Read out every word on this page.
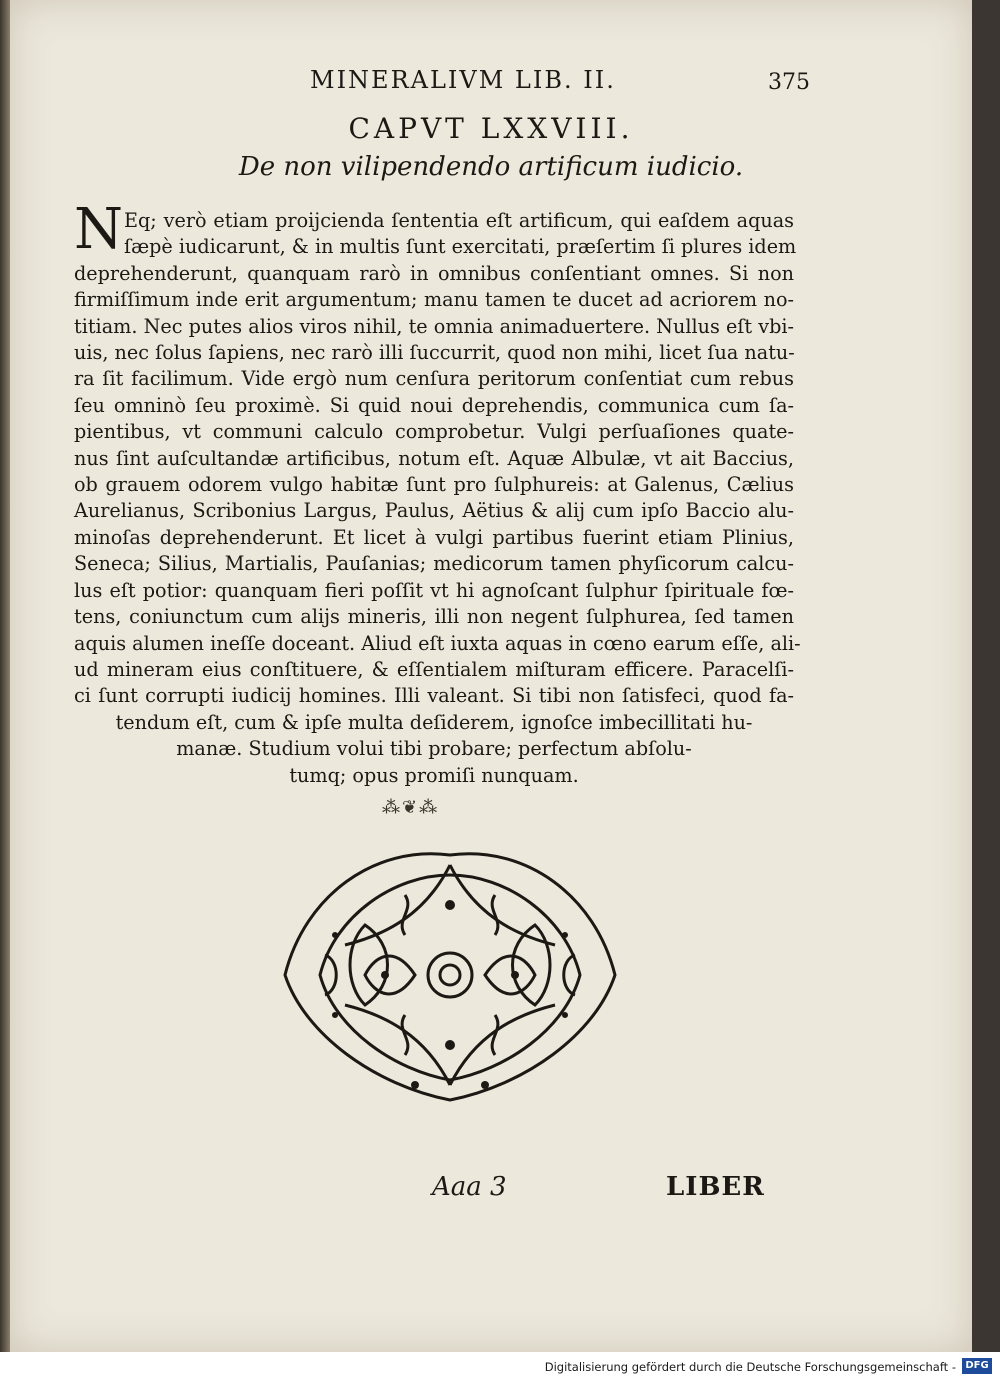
MINERALIVM LIB. II.	375

CAPVT LXXVIII.

De non vilipendendo artificum iudicio.

N Eq; verò etiam proijcienda ſententia eſt artificum, qui eaſdem aquas
ſæpè iudicarunt, & in multis ſunt exercitati, præſertim ſi plures idem
deprehenderunt, quanquam rarò in omnibus conſentiant omnes. Si non
firmiſſimum inde erit argumentum; manu tamen te ducet ad acriorem no-
titiam. Nec putes alios viros nihil, te omnia animaduertere. Nullus eſt vbi-
uis, nec ſolus ſapiens, nec rarò illi ſuccurrit, quod non mihi, licet ſua natu-
ra ſit facilimum. Vide ergò num cenſura peritorum conſentiat cum rebus
ſeu omninò ſeu proximè. Si quid noui deprehendis, communica cum ſa-
pientibus, vt communi calculo comprobetur. Vulgi perſuaſiones quate-
nus ſint auſcultandæ artificibus, notum eſt. Aquæ Albulæ, vt ait Baccius,
ob grauem odorem vulgo habitæ ſunt pro ſulphureis: at Galenus, Cælius
Aurelianus, Scribonius Largus, Paulus, Aëtius & alij cum ipſo Baccio alu-
minoſas deprehenderunt. Et licet à vulgi partibus fuerint etiam Plinius,
Seneca; Silius, Martialis, Pauſanias; medicorum tamen phyſicorum calcu-
lus eſt potior: quanquam fieri poſſit vt hi agnoſcant ſulphur ſpirituale fœ-
tens, coniunctum cum alijs mineris, illi non negent ſulphurea, ſed tamen
aquis alumen ineſſe doceant. Aliud eſt iuxta aquas in cœno earum eſſe, ali-
ud mineram eius conſtituere, & eſſentialem miſturam efficere. Paracelſi-
ci ſunt corrupti iudicij homines. Illi valeant. Si tibi non ſatisfeci, quod fa-
tendum eſt, cum & ipſe multa deſiderem, ignoſce imbecillitati hu-
manæ. Studium volui tibi probare; perfectum abſolu-
tumq; opus promiſi nunquam.

⁂❦⁂

Aaa 3	LIBER

Digitalisierung gefördert durch die Deutsche Forschungsgemeinschaft - DFG
